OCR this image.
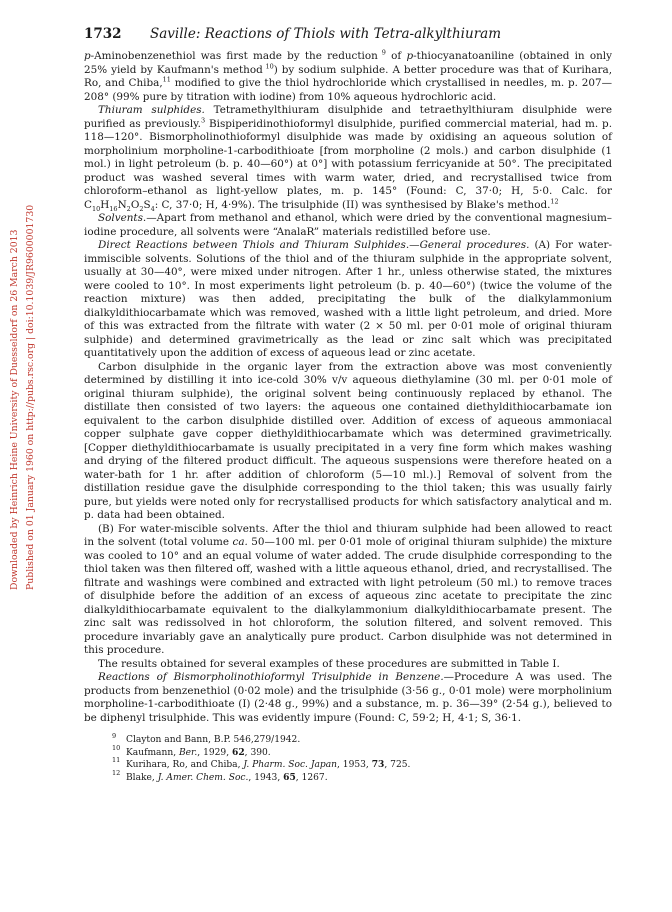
Downloaded by Heinrich Heine University of Duesseldorf on 26 March 2013 Published on 01 January 1960 on http://pubs.rsc.org | doi:10.1039/JR9600001730
1732	Saville: Reactions of Thiols with Tetra-alkylthiuram

p-Aminobenzenethiol was first made by the reduction $^9$ of p-thiocyanatoaniline (obtained in only 25% yield by Kaufmann's method $^{10}$) by sodium sulphide. A better procedure was that of Kurihara, Ro, and Chiba,$^{11}$ modified to give the thiol hydrochloride which crystallised in needles, m. p. 207—208° (99% pure by titration with iodine) from 10% aqueous hydrochloric acid.

Thiuram sulphides. Tetramethylthiuram disulphide and tetraethylthiuram disulphide were purified as previously.$^3$ Bispiperidinothioformyl disulphide, purified commercial material, had m. p. 118—120°. Bismorpholinothioformyl disulphide was made by oxidising an aqueous solution of morpholinium morpholine-1-carbodithioate [from morpholine (2 mols.) and carbon disulphide (1 mol.) in light petroleum (b. p. 40—60°) at 0°] with potassium ferricyanide at 50°. The precipitated product was washed several times with warm water, dried, and recrystallised twice from chloroform–ethanol as light-yellow plates, m. p. 145° (Found: C, 37·0; H, 5·0. Calc. for $C_{10}H_{16}N_2O_2S_4$: C, 37·0; H, 4·9%). The trisulphide (II) was synthesised by Blake's method.$^{12}$

Solvents.—Apart from methanol and ethanol, which were dried by the conventional magnesium–iodine procedure, all solvents were “AnalaR” materials redistilled before use.

Direct Reactions between Thiols and Thiuram Sulphides.—General procedures. (A) For water-immiscible solvents. Solutions of the thiol and of the thiuram sulphide in the appropriate solvent, usually at 30—40°, were mixed under nitrogen. After 1 hr., unless otherwise stated, the mixtures were cooled to 10°. In most experiments light petroleum (b. p. 40—60°) (twice the volume of the reaction mixture) was then added, precipitating the bulk of the dialkylammonium dialkyldithiocarbamate which was removed, washed with a little light petroleum, and dried. More of this was extracted from the filtrate with water (2 × 50 ml. per 0·01 mole of original thiuram sulphide) and determined gravimetrically as the lead or zinc salt which was precipitated quantitatively upon the addition of excess of aqueous lead or zinc acetate.

Carbon disulphide in the organic layer from the extraction above was most conveniently determined by distilling it into ice-cold 30% v/v aqueous diethylamine (30 ml. per 0·01 mole of original thiuram sulphide), the original solvent being continuously replaced by ethanol. The distillate then consisted of two layers: the aqueous one contained diethyldithiocarbamate ion equivalent to the carbon disulphide distilled over. Addition of excess of aqueous ammoniacal copper sulphate gave copper diethyldithiocarbamate which was determined gravimetrically. [Copper diethyldithiocarbamate is usually precipitated in a very fine form which makes washing and drying of the filtered product difficult. The aqueous suspensions were therefore heated on a water-bath for 1 hr. after addition of chloroform (5—10 ml.).] Removal of solvent from the distillation residue gave the disulphide corresponding to the thiol taken; this was usually fairly pure, but yields were noted only for recrystallised products for which satisfactory analytical and m. p. data had been obtained.

(B) For water-miscible solvents. After the thiol and thiuram sulphide had been allowed to react in the solvent (total volume ca. 50—100 ml. per 0·01 mole of original thiuram sulphide) the mixture was cooled to 10° and an equal volume of water added. The crude disulphide corresponding to the thiol taken was then filtered off, washed with a little aqueous ethanol, dried, and recrystallised. The filtrate and washings were combined and extracted with light petroleum (50 ml.) to remove traces of disulphide before the addition of an excess of aqueous zinc acetate to precipitate the zinc dialkyldithiocarbamate equivalent to the dialkylammonium dialkyldithiocarbamate present. The zinc salt was redissolved in hot chloroform, the solution filtered, and solvent removed. This procedure invariably gave an analytically pure product. Carbon disulphide was not determined in this procedure.

The results obtained for several examples of these procedures are submitted in Table I.

Reactions of Bismorpholinothioformyl Trisulphide in Benzene.—Procedure A was used. The products from benzenethiol (0·02 mole) and the trisulphide (3·56 g., 0·01 mole) were morpholinium morpholine-1-carbodithioate (I) (2·48 g., 99%) and a substance, m. p. 36—39° (2·54 g.), believed to be diphenyl trisulphide. This was evidently impure (Found: C, 59·2; H, 4·1; S, 36·1.

$^9$	Clayton and Bann, B.P. 546,279/1942.
$^{10}$
Kaufmann, Ber., 1929, 62, 390.
$^{11}$
Kurihara, Ro, and Chiba, J. Pharm. Soc. Japan, 1953, 73, 725.
$^{12}$
Blake, J. Amer. Chem. Soc., 1943, 65, 1267.
